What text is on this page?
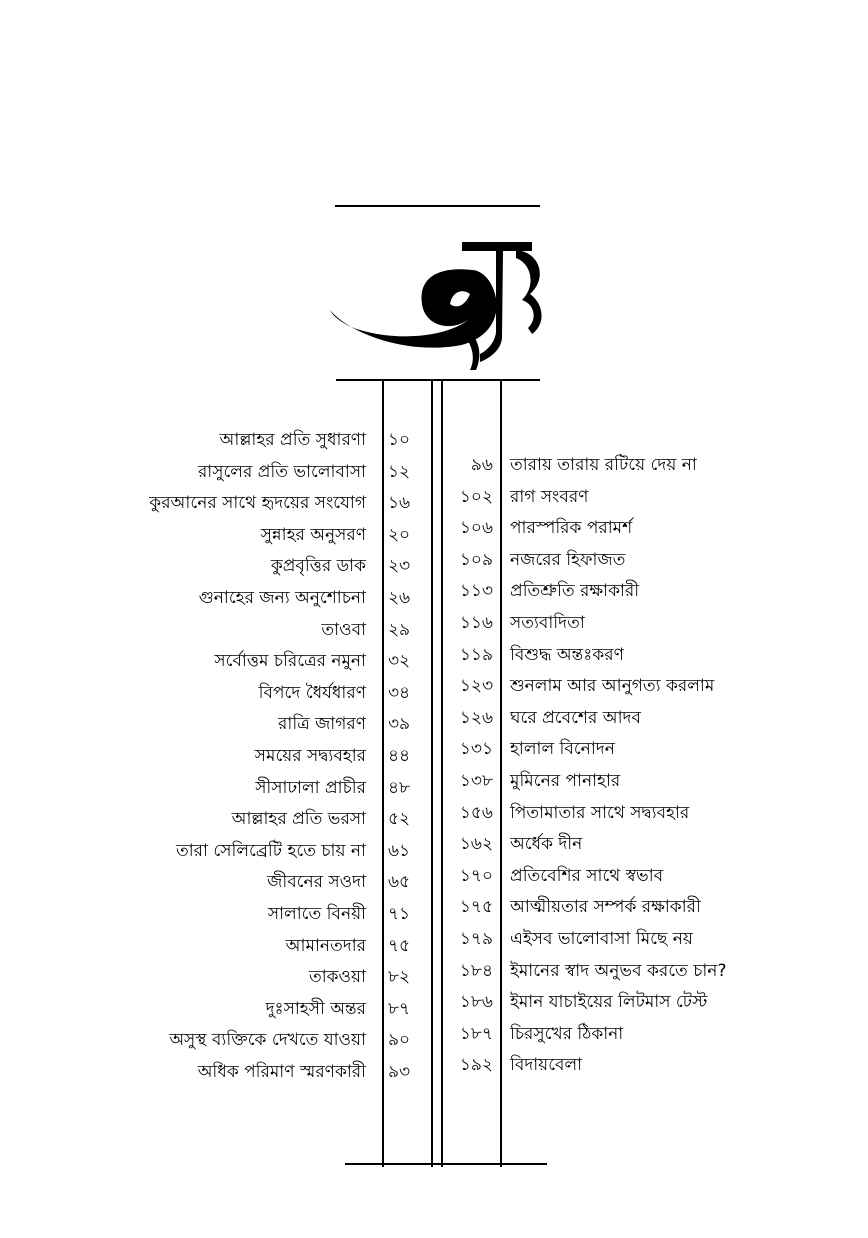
আল্লাহর প্রতি সুধারণা
রাসুলের প্রতি ভালোবাসা
কুরআনের সাথে হৃদয়ের সংযোগ
সুন্নাহর অনুসরণ
কুপ্রবৃত্তির ডাক
গুনাহের জন্য অনুশোচনা
তাওবা
সর্বোত্তম চরিত্রের নমুনা
বিপদে ধৈর্যধারণ
রাত্রি জাগরণ
সময়ের সদ্ব্যবহার
সীসাঢালা প্রাচীর
আল্লাহর প্রতি ভরসা
তারা সেলিব্রেটি হতে চায় না
জীবনের সওদা
সালাতে বিনয়ী
আমানতদার
তাকওয়া
দুঃসাহসী অন্তর
অসুস্থ ব্যক্তিকে দেখতে যাওয়া
অধিক পরিমাণ স্মরণকারী
১০
১২
১৬
২০
২৩
২৬
২৯
৩২
৩৪
৩৯
৪৪
৪৮
৫২
৬১
৬৫
৭১
৭৫
৮২
৮৭
৯০
৯৩
৯৬
১০২
১০৬
১০৯
১১৩
১১৬
১১৯
১২৩
১২৬
১৩১
১৩৮
১৫৬
১৬২
১৭০
১৭৫
১৭৯
১৮৪
১৮৬
১৮৭
১৯২
তারায় তারায় রটিয়ে দেয় না
রাগ সংবরণ
পারস্পরিক পরামর্শ
নজরের হিফাজত
প্রতিশ্রুতি রক্ষাকারী
সত্যবাদিতা
বিশুদ্ধ অন্তঃকরণ
শুনলাম আর আনুগত্য করলাম
ঘরে প্রবেশের আদব
হালাল বিনোদন
মুমিনের পানাহার
পিতামাতার সাথে সদ্ব্যবহার
অর্ধেক দীন
প্রতিবেশির সাথে স্বভাব
আত্মীয়তার সম্পর্ক রক্ষাকারী
এইসব ভালোবাসা মিছে নয়
ইমানের স্বাদ অনুভব করতে চান?
ইমান যাচাইয়ের লিটমাস টেস্ট
চিরসুখের ঠিকানা
বিদায়বেলা
